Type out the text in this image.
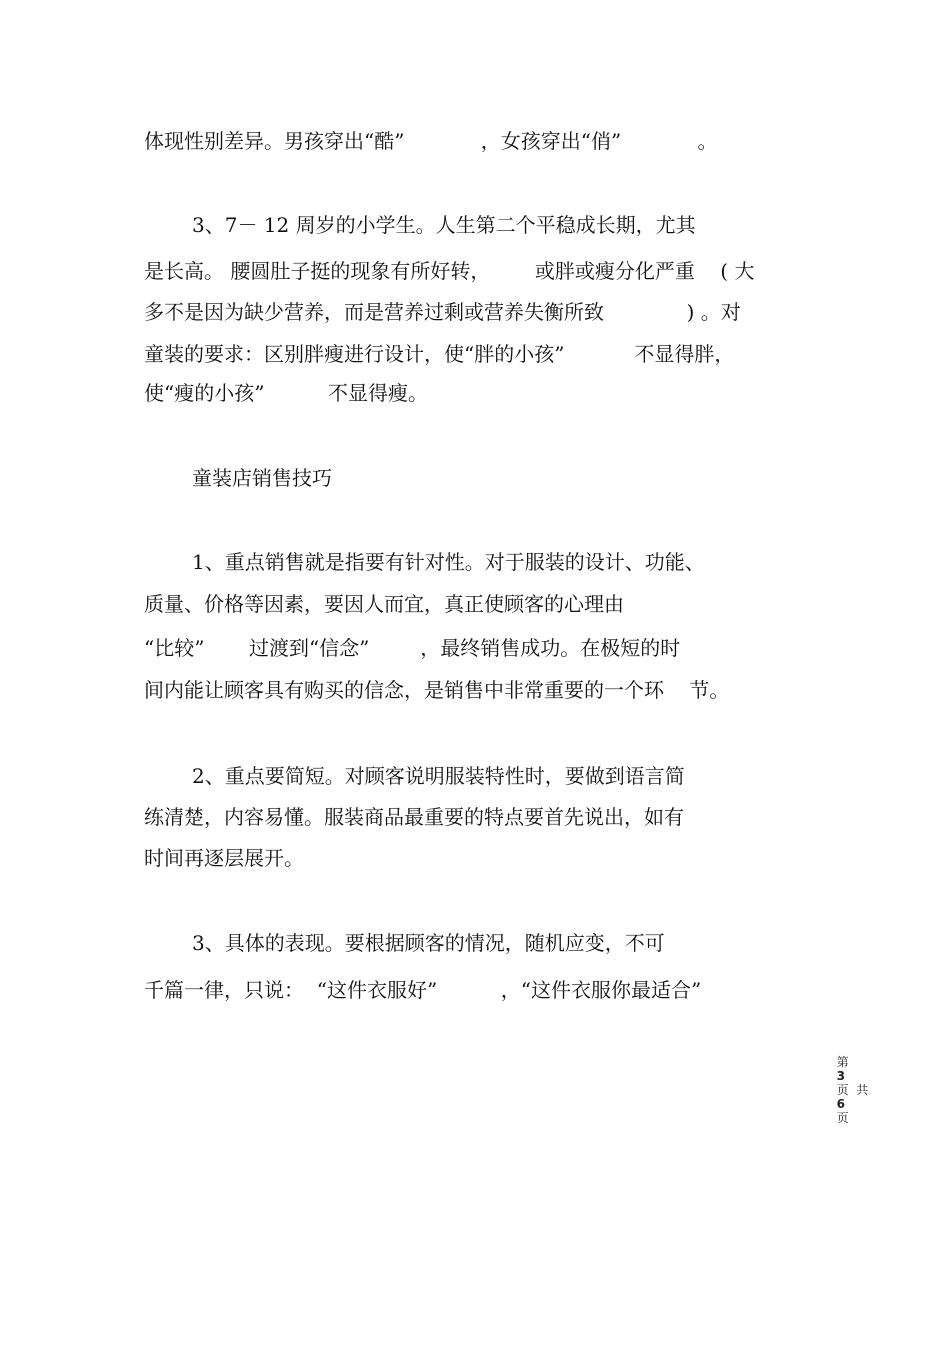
体现性别差异。男孩穿出“酷”            ，女孩穿出“俏”            。
3、7－ 12 周岁的小学生。人生第二个平稳成长期，尤其
是长高。 腰圆肚子挺的现象有所好转，       或胖或瘦分化严重    ( 大
多不是因为缺少营养，而是营养过剩或营养失衡所致             ) 。对
童装的要求：区别胖瘦进行设计，使“胖的小孩”           不显得胖，
使“瘦的小孩”          不显得瘦。
童装店销售技巧
1、重点销售就是指要有针对性。对于服装的设计、功能、
质量、价格等因素，要因人而宜，真正使顾客的心理由
“比较”       过渡到“信念”        ，最终销售成功。在极短的时
间内能让顾客具有购买的信念，是销售中非常重要的一个环    节。
2、重点要简短。对顾客说明服装特性时，要做到语言简
练清楚，内容易懂。服装商品最重要的特点要首先说出，如有
时间再逐层展开。
3、具体的表现。要根据顾客的情况，随机应变，不可
千篇一律，只说：  “这件衣服好”          ，“这件衣服你最适合”

第
3
页  共
6
页
